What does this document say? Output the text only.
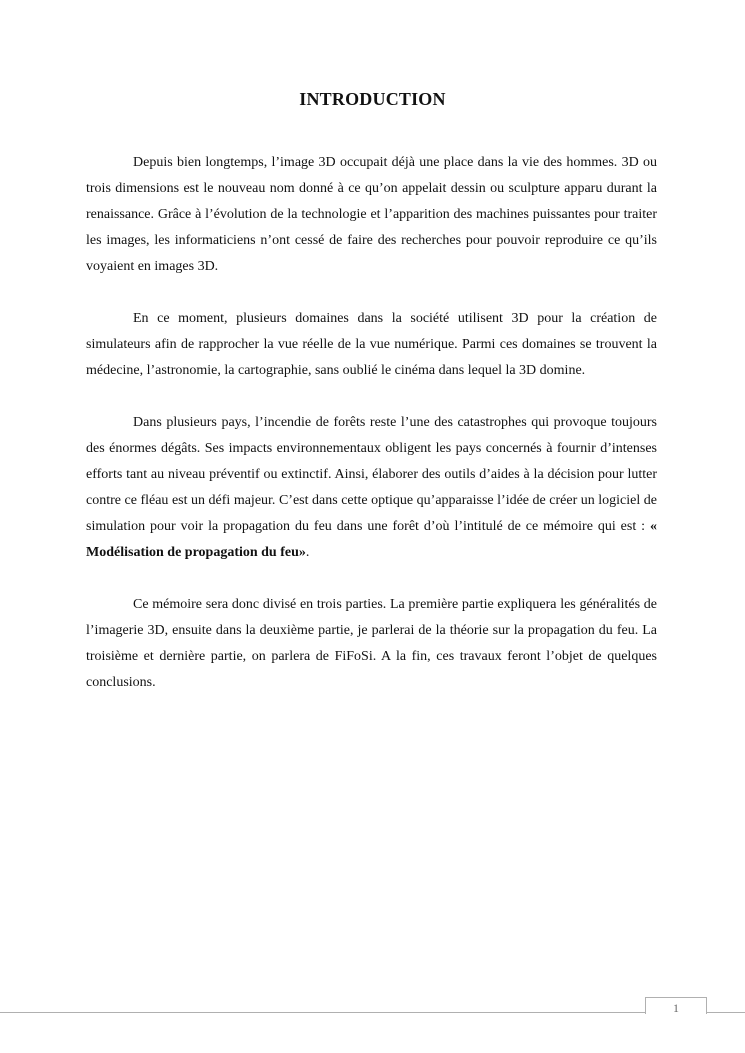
INTRODUCTION

Depuis bien longtemps, l’image 3D occupait déjà une place dans la vie des hommes. 3D ou trois dimensions est le nouveau nom donné à ce qu’on appelait dessin ou sculpture apparu durant la renaissance. Grâce à l’évolution de la technologie et l’apparition des machines puissantes pour traiter les images, les informaticiens n’ont cessé de faire des recherches pour pouvoir reproduire ce qu’ils voyaient en images 3D.

En ce moment, plusieurs domaines dans la société utilisent 3D pour la création de simulateurs afin de rapprocher la vue réelle de la vue numérique. Parmi ces domaines se trouvent la médecine, l’astronomie, la cartographie, sans oublié le cinéma dans lequel la 3D domine.

Dans plusieurs pays, l’incendie de forêts reste l’une des catastrophes qui provoque toujours des énormes dégâts. Ses impacts environnementaux obligent les pays concernés à fournir d’intenses efforts tant au niveau préventif ou extinctif. Ainsi, élaborer des outils d’aides à la décision pour lutter contre ce fléau est un défi majeur. C’est dans cette optique qu’apparaisse l’idée de créer un logiciel de simulation pour voir la propagation du feu dans une forêt d’où l’intitulé de ce mémoire qui est : « Modélisation de propagation du feu».

Ce mémoire sera donc divisé en trois parties. La première partie expliquera les généralités de l’imagerie 3D, ensuite dans la deuxième partie, je parlerai de la théorie sur la propagation du feu. La troisième et dernière partie, on parlera de FiFoSi. A la fin, ces travaux feront l’objet de quelques conclusions.

1
